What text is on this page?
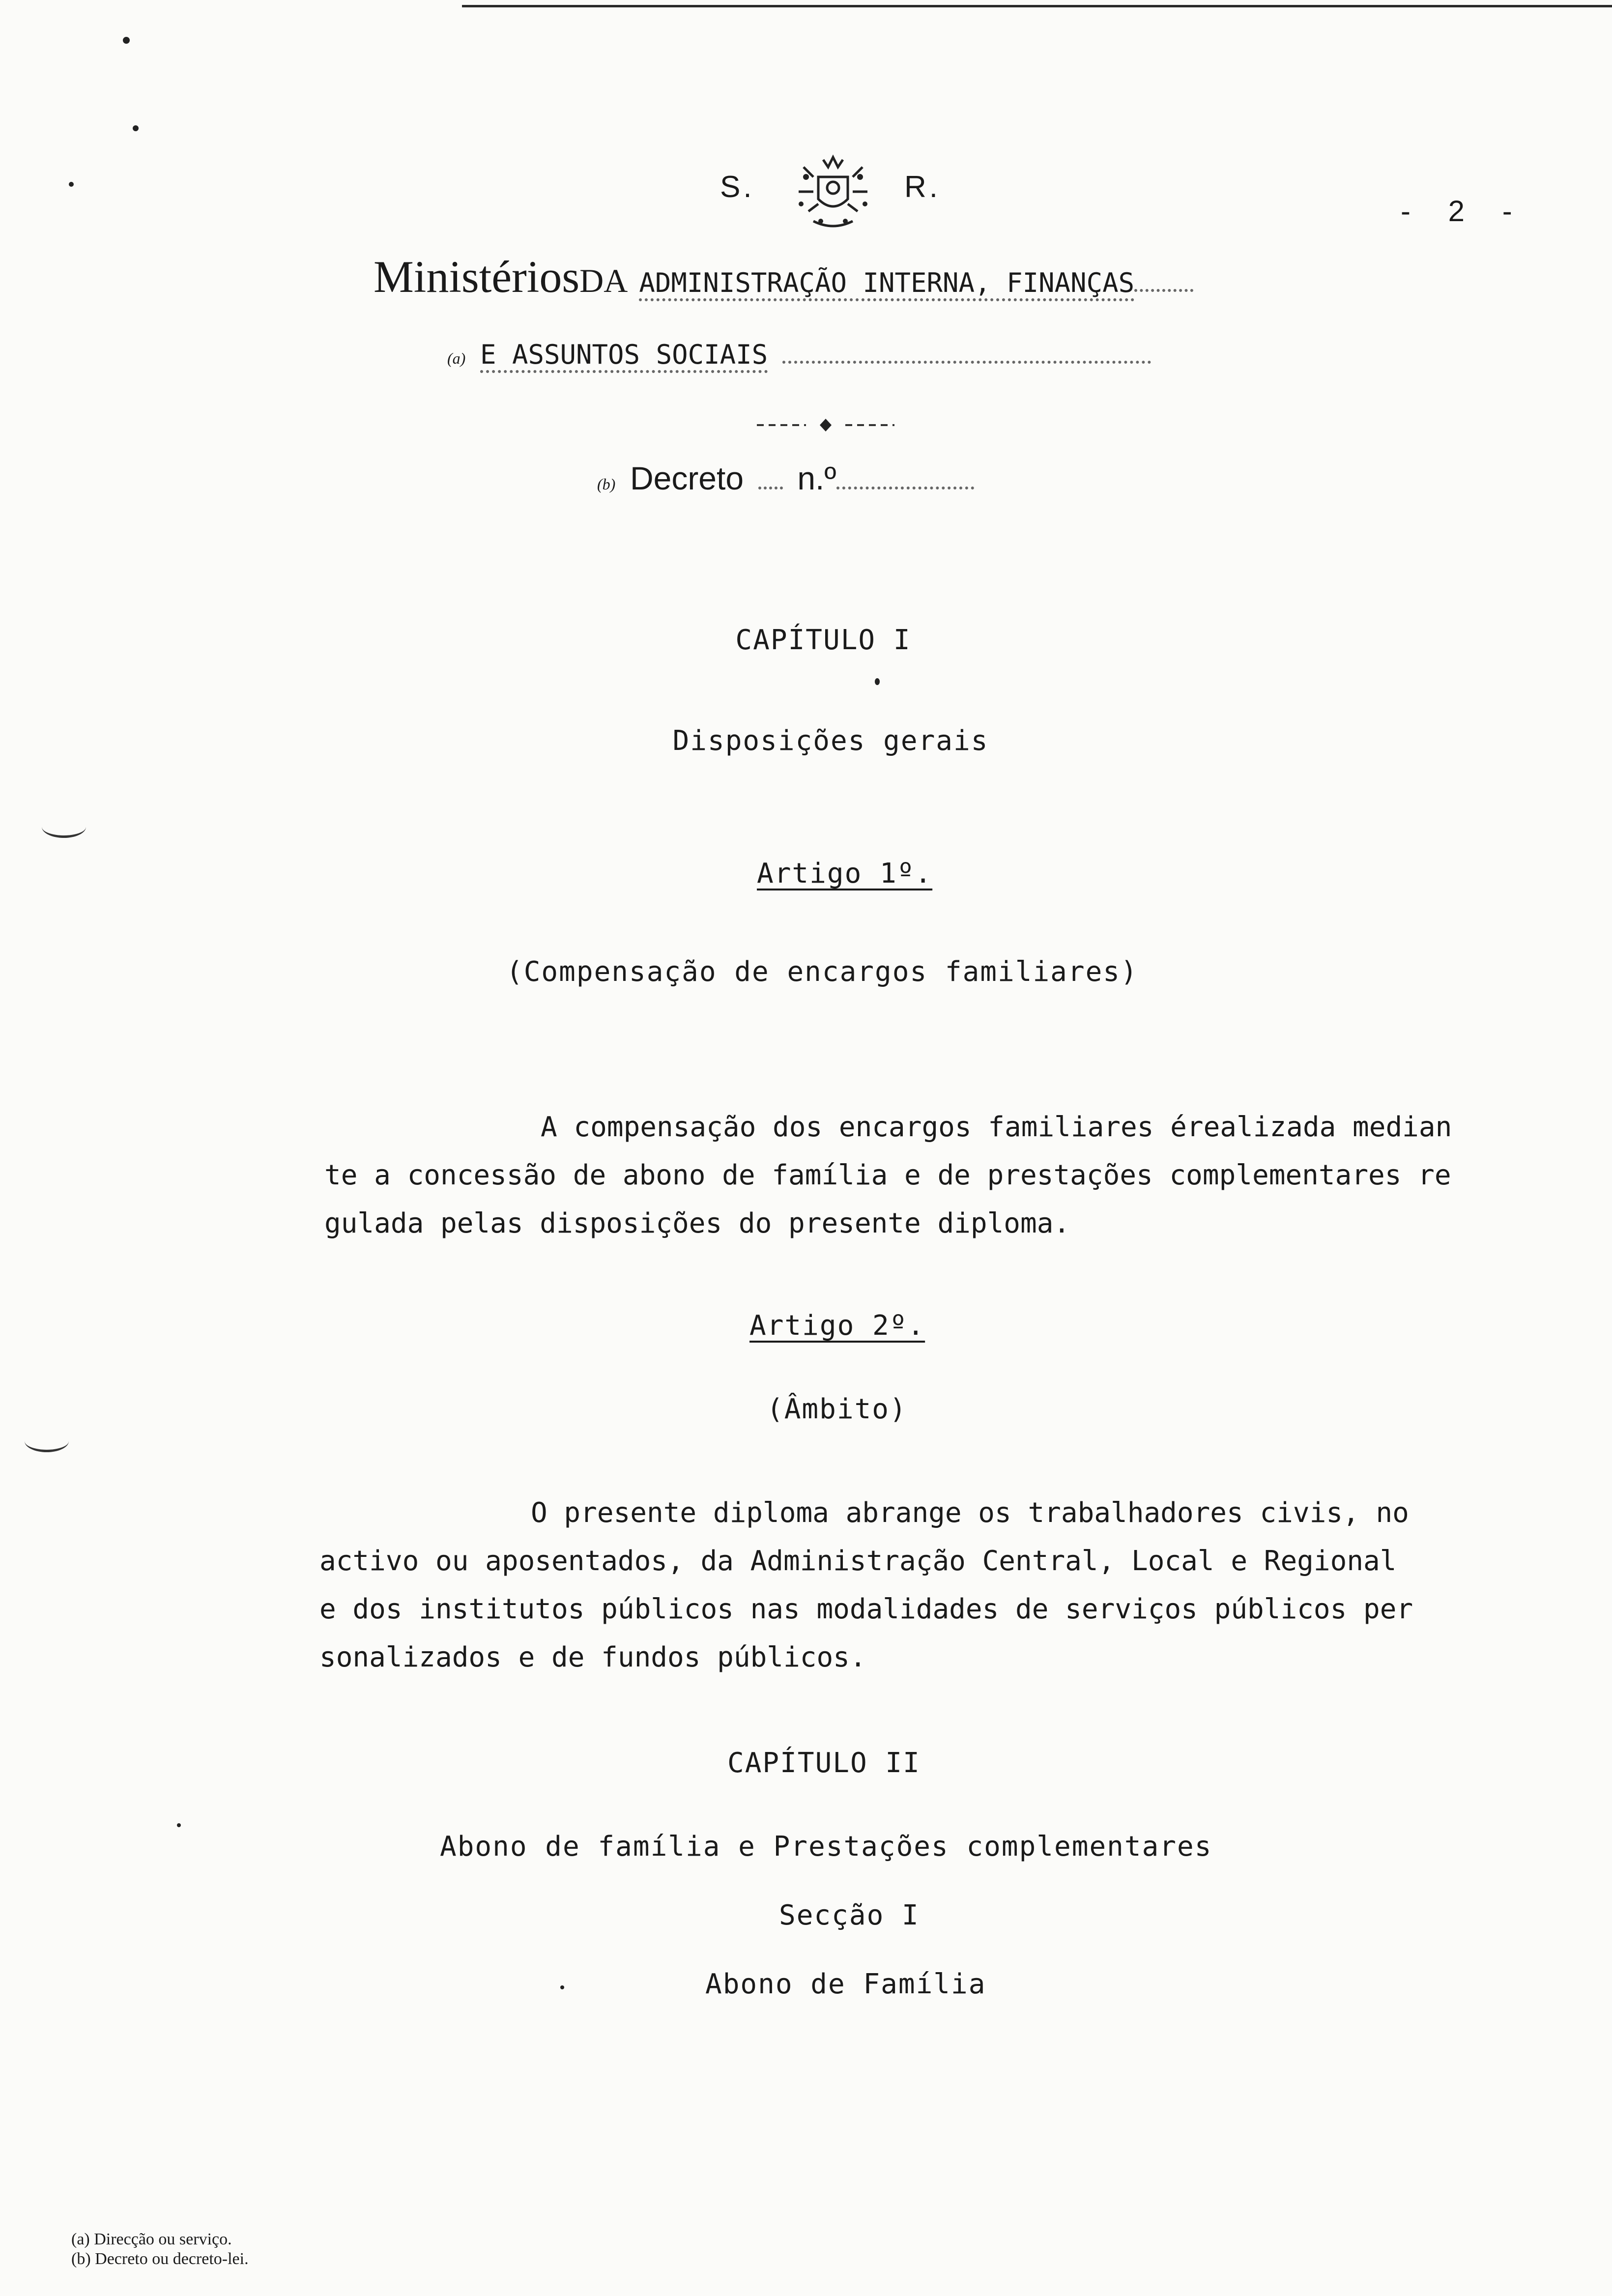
S.	R.
- 2 -
MinistériosDA ADMINISTRAÇÃO INTERNA, FINANÇAS
(a) E ASSUNTOS SOCIAIS
(b) Decreto n.º
CAPÍTULO I
Disposições gerais
Artigo 1º.
(Compensação de encargos familiares)
A compensação dos encargos familiares érealizada median
te a concessão de abono de família e de prestações complementares re
gulada pelas disposições do presente diploma.
Artigo 2º.
(Âmbito)
O presente diploma abrange os trabalhadores civis, no
activo ou aposentados, da Administração Central, Local e Regional
e dos institutos públicos nas modalidades de serviços públicos per
sonalizados e de fundos públicos.
CAPÍTULO II
Abono de família e Prestações complementares
Secção I
Abono de Família
(a) Direcção ou serviço.
(b) Decreto ou decreto-lei.
